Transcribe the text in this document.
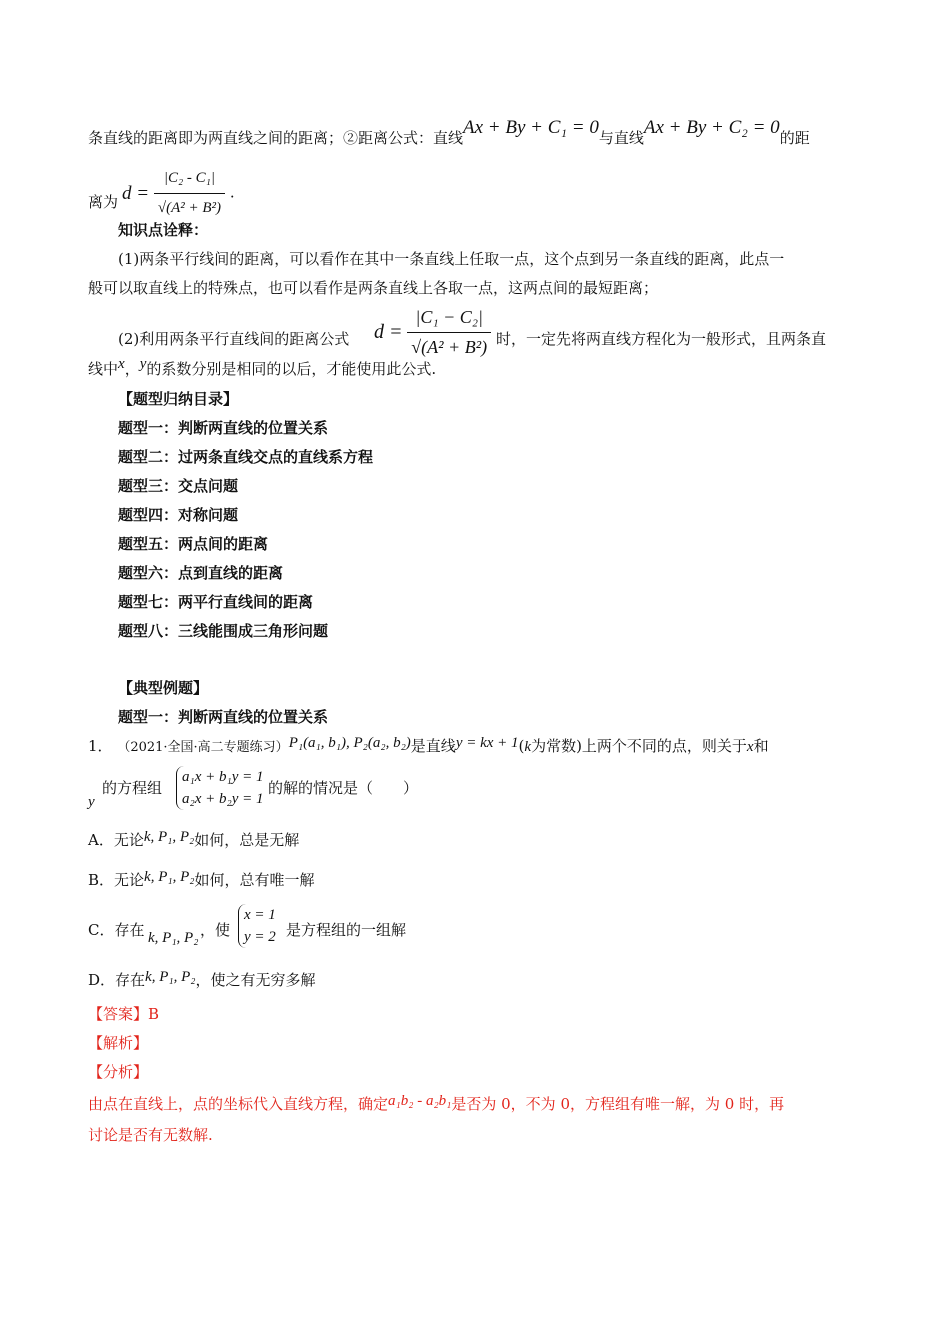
条直线的距离即为两直线之间的距离；②距离公式：直线Ax + By + C₁ = 0与直线Ax + By + C₂ = 0的距
离为 $d = \frac{\text{|C₂ - C₁|}}{\text{√(A² + B²)}}$ .
知识点诠释：
(1)两条平行线间的距离，可以看作在其中一条直线上任取一点，这个点到另一条直线的距离，此点一
般可以取直线上的特殊点，也可以看作是两条直线上各取一点，这两点间的最短距离；
(2)利用两条平行直线间的距离公式 $d = \frac{\text{|C₁ − C₂|}}{\text{√(A² + B²)}}$ 时，一定先将两直线方程化为一般形式，且两条直
线中x，y的系数分别是相同的以后，才能使用此公式.
【题型归纳目录】
题型一：判断两直线的位置关系
题型二：过两条直线交点的直线系方程
题型三：交点问题
题型四：对称问题
题型五：两点间的距离
题型六：点到直线的距离
题型七：两平行直线间的距离
题型八：三线能围成三角形问题
【典型例题】
题型一：判断两直线的位置关系
1． （2021·全国·高二专题练习）P₁(a₁, b₁), P₂(a₂, b₂)是直线y = kx + 1(k为常数)上两个不同的点，则关于x和
y
的方程组
a₁x + b₁y = 1
a₂x + b₂y = 1
的解的情况是（　　）
A．无论k, P₁, P₂如何，总是无解
B．无论k, P₁, P₂如何，总有唯一解
C．存在 k, P₁, P₂ ，使
x = 1
y = 2 是方程组的一组解
D．存在k, P₁, P₂，使之有无穷多解
【答案】B
【解析】
【分析】
由点在直线上，点的坐标代入直线方程，确定a₁b₂ - a₂b₁是否为 0，不为 0，方程组有唯一解，为 0 时，再
讨论是否有无数解.
